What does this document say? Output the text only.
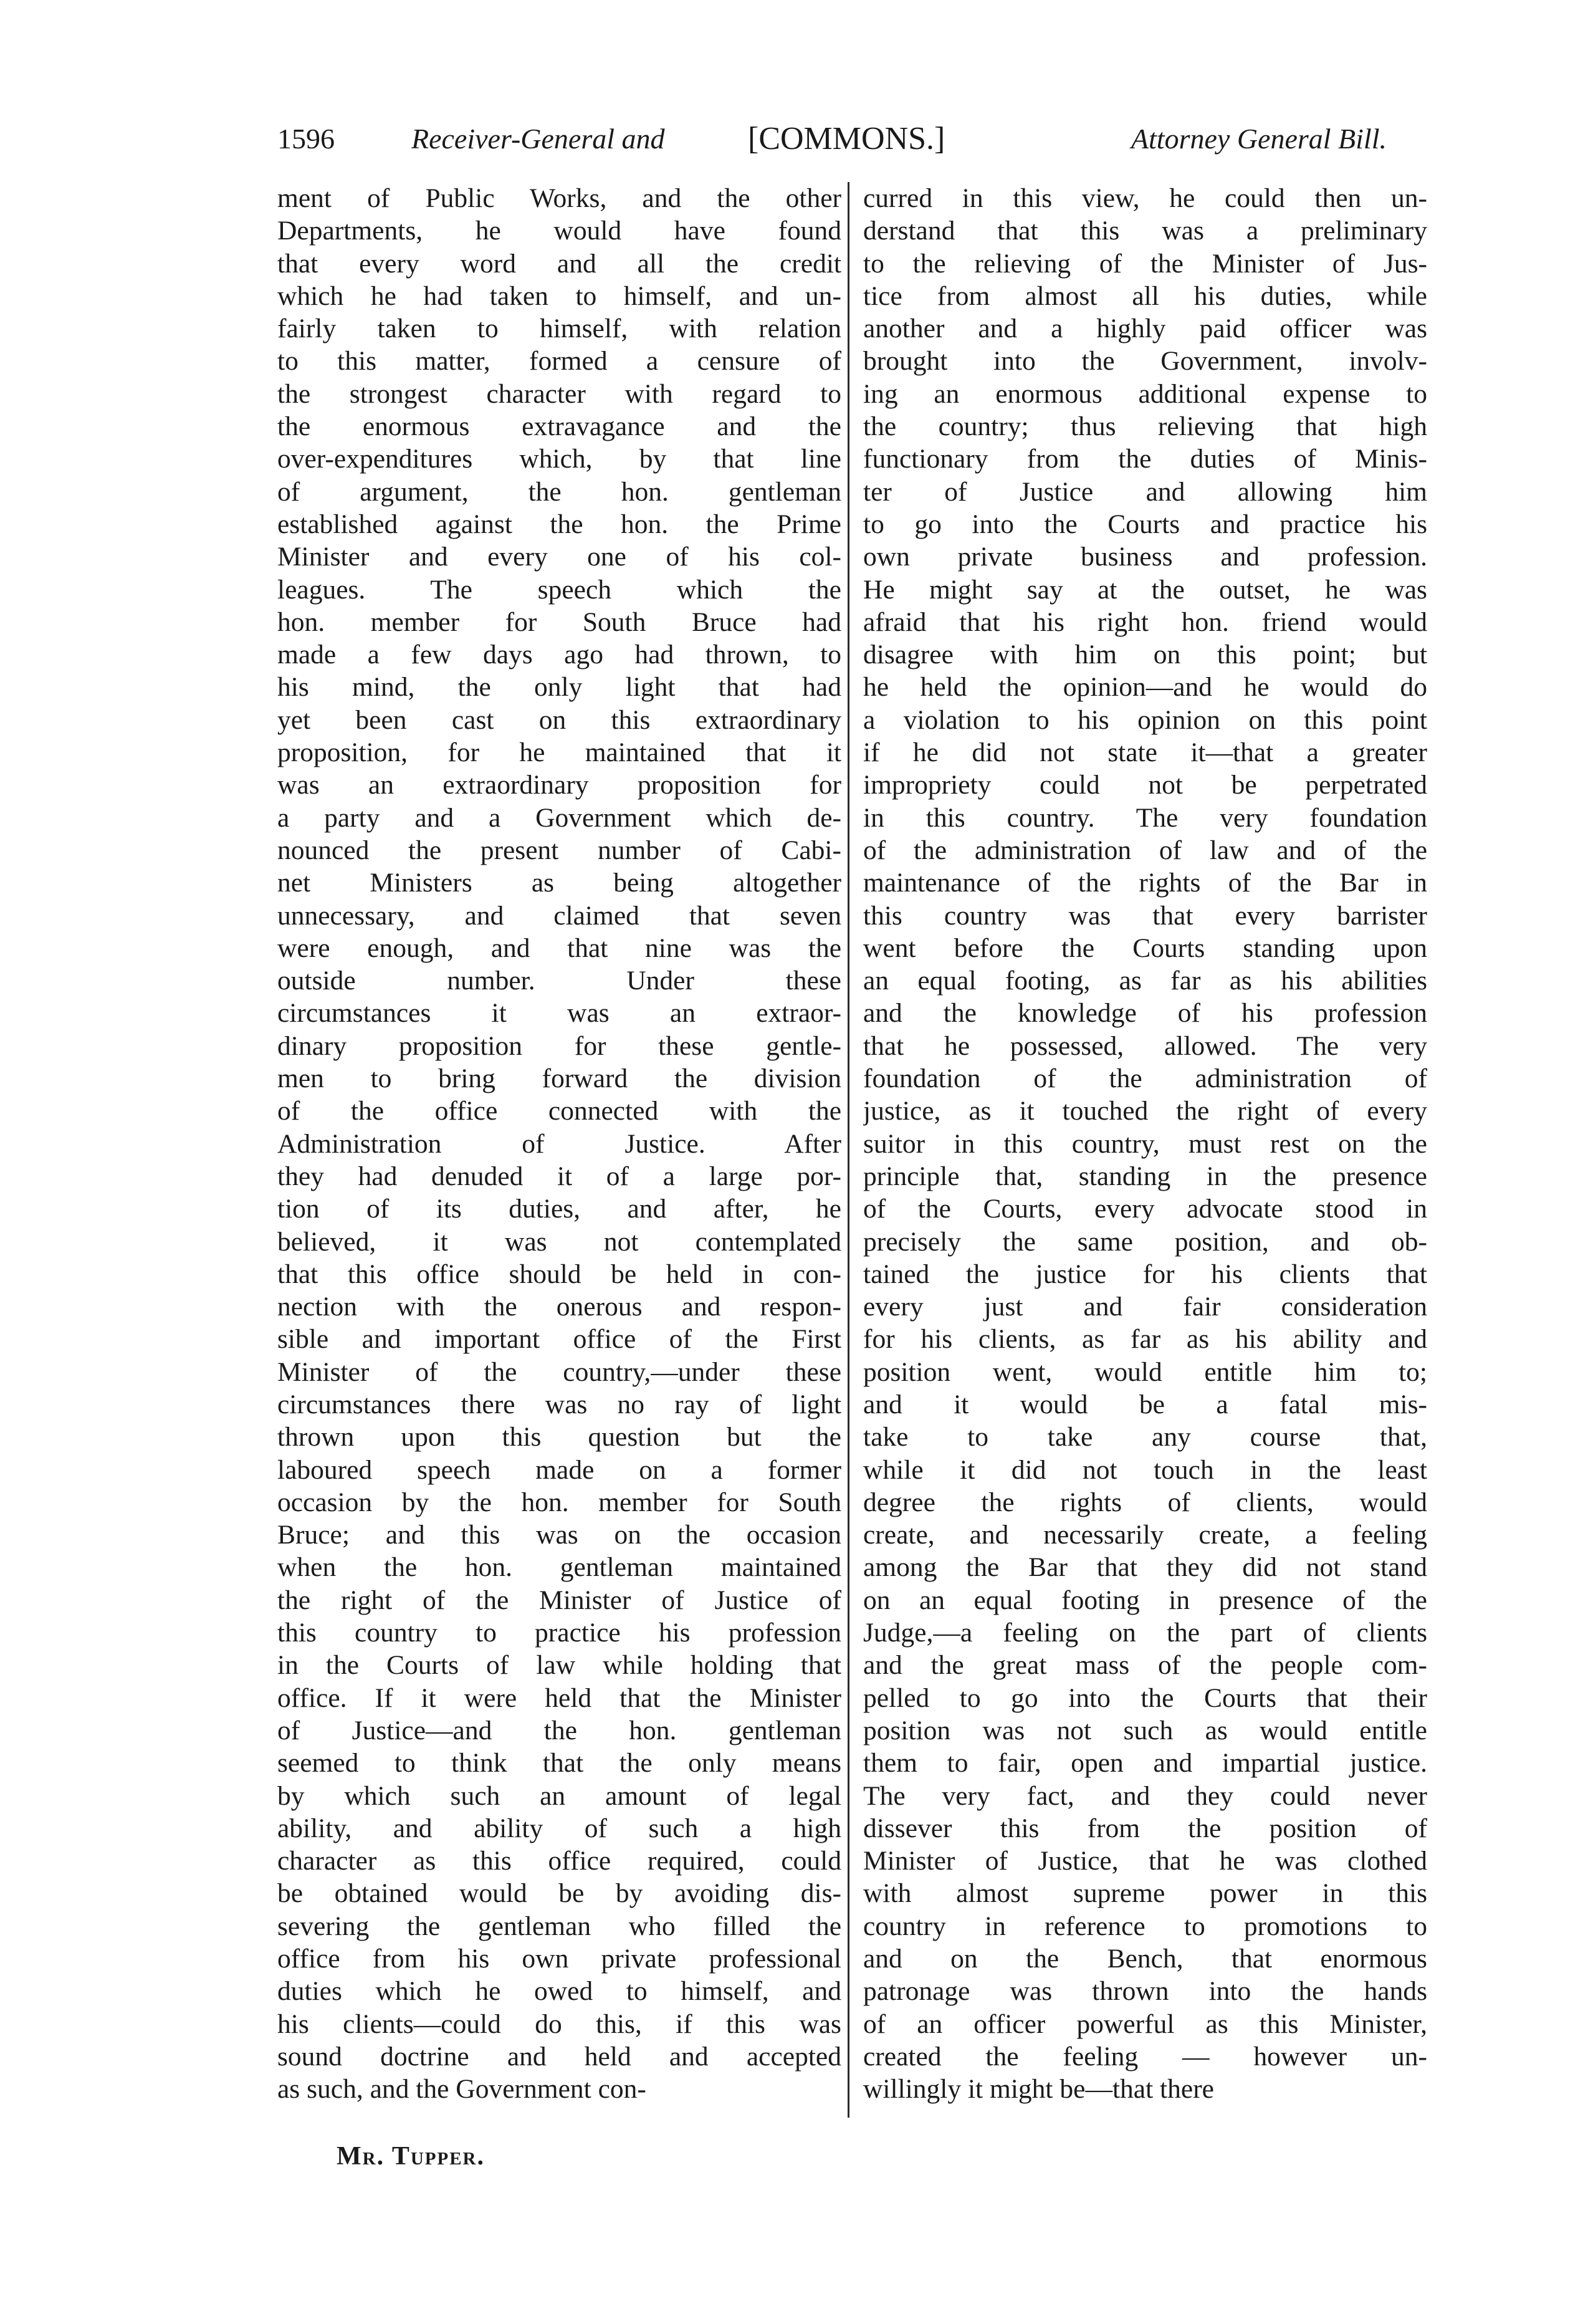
1596	Receiver-General and	[COMMONS.]	Attorney General Bill.
ment of Public Works, and the other
Departments, he would have found
that every word and all the credit
which he had taken to himself, and un-
fairly taken to himself, with relation
to this matter, formed a censure of
the strongest character with regard to
the enormous extravagance and the
over-expenditures which, by that line
of argument, the hon. gentleman
established against the hon. the Prime
Minister and every one of his col-
leagues. The speech which the
hon. member for South Bruce had
made a few days ago had thrown, to
his mind, the only light that had
yet been cast on this extraordinary
proposition, for he maintained that it
was an extraordinary proposition for
a party and a Government which de-
nounced the present number of Cabi-
net Ministers as being altogether
unnecessary, and claimed that seven
were enough, and that nine was the
outside number. Under these
circumstances it was an extraor-
dinary proposition for these gentle-
men to bring forward the division
of the office connected with the
Administration of Justice. After
they had denuded it of a large por-
tion of its duties, and after, he
believed, it was not contemplated
that this office should be held in con-
nection with the onerous and respon-
sible and important office of the First
Minister of the country,—under these
circumstances there was no ray of light
thrown upon this question but the
laboured speech made on a former
occasion by the hon. member for South
Bruce; and this was on the occasion
when the hon. gentleman maintained
the right of the Minister of Justice of
this country to practice his profession
in the Courts of law while holding that
office. If it were held that the Minister
of Justice—and the hon. gentleman
seemed to think that the only means
by which such an amount of legal
ability, and ability of such a high
character as this office required, could
be obtained would be by avoiding dis-
severing the gentleman who filled the
office from his own private professional
duties which he owed to himself, and
his clients—could do this, if this was
sound doctrine and held and accepted
as such, and the Government con-
curred in this view, he could then un-
derstand that this was a preliminary
to the relieving of the Minister of Jus-
tice from almost all his duties, while
another and a highly paid officer was
brought into the Government, involv-
ing an enormous additional expense to
the country; thus relieving that high
functionary from the duties of Minis-
ter of Justice and allowing him
to go into the Courts and practice his
own private business and profession.
He might say at the outset, he was
afraid that his right hon. friend would
disagree with him on this point; but
he held the opinion—and he would do
a violation to his opinion on this point
if he did not state it—that a greater
impropriety could not be perpetrated
in this country. The very foundation
of the administration of law and of the
maintenance of the rights of the Bar in
this country was that every barrister
went before the Courts standing upon
an equal footing, as far as his abilities
and the knowledge of his profession
that he possessed, allowed. The very
foundation of the administration of
justice, as it touched the right of every
suitor in this country, must rest on the
principle that, standing in the presence
of the Courts, every advocate stood in
precisely the same position, and ob-
tained the justice for his clients that
every just and fair consideration
for his clients, as far as his ability and
position went, would entitle him to;
and it would be a fatal mis-
take to take any course that,
while it did not touch in the least
degree the rights of clients, would
create, and necessarily create, a feeling
among the Bar that they did not stand
on an equal footing in presence of the
Judge,—a feeling on the part of clients
and the great mass of the people com-
pelled to go into the Courts that their
position was not such as would entitle
them to fair, open and impartial justice.
The very fact, and they could never
dissever this from the position of
Minister of Justice, that he was clothed
with almost supreme power in this
country in reference to promotions to
and on the Bench, that enormous
patronage was thrown into the hands
of an officer powerful as this Minister,
created the feeling — however un-
willingly it might be—that there
Mr. Tupper.
